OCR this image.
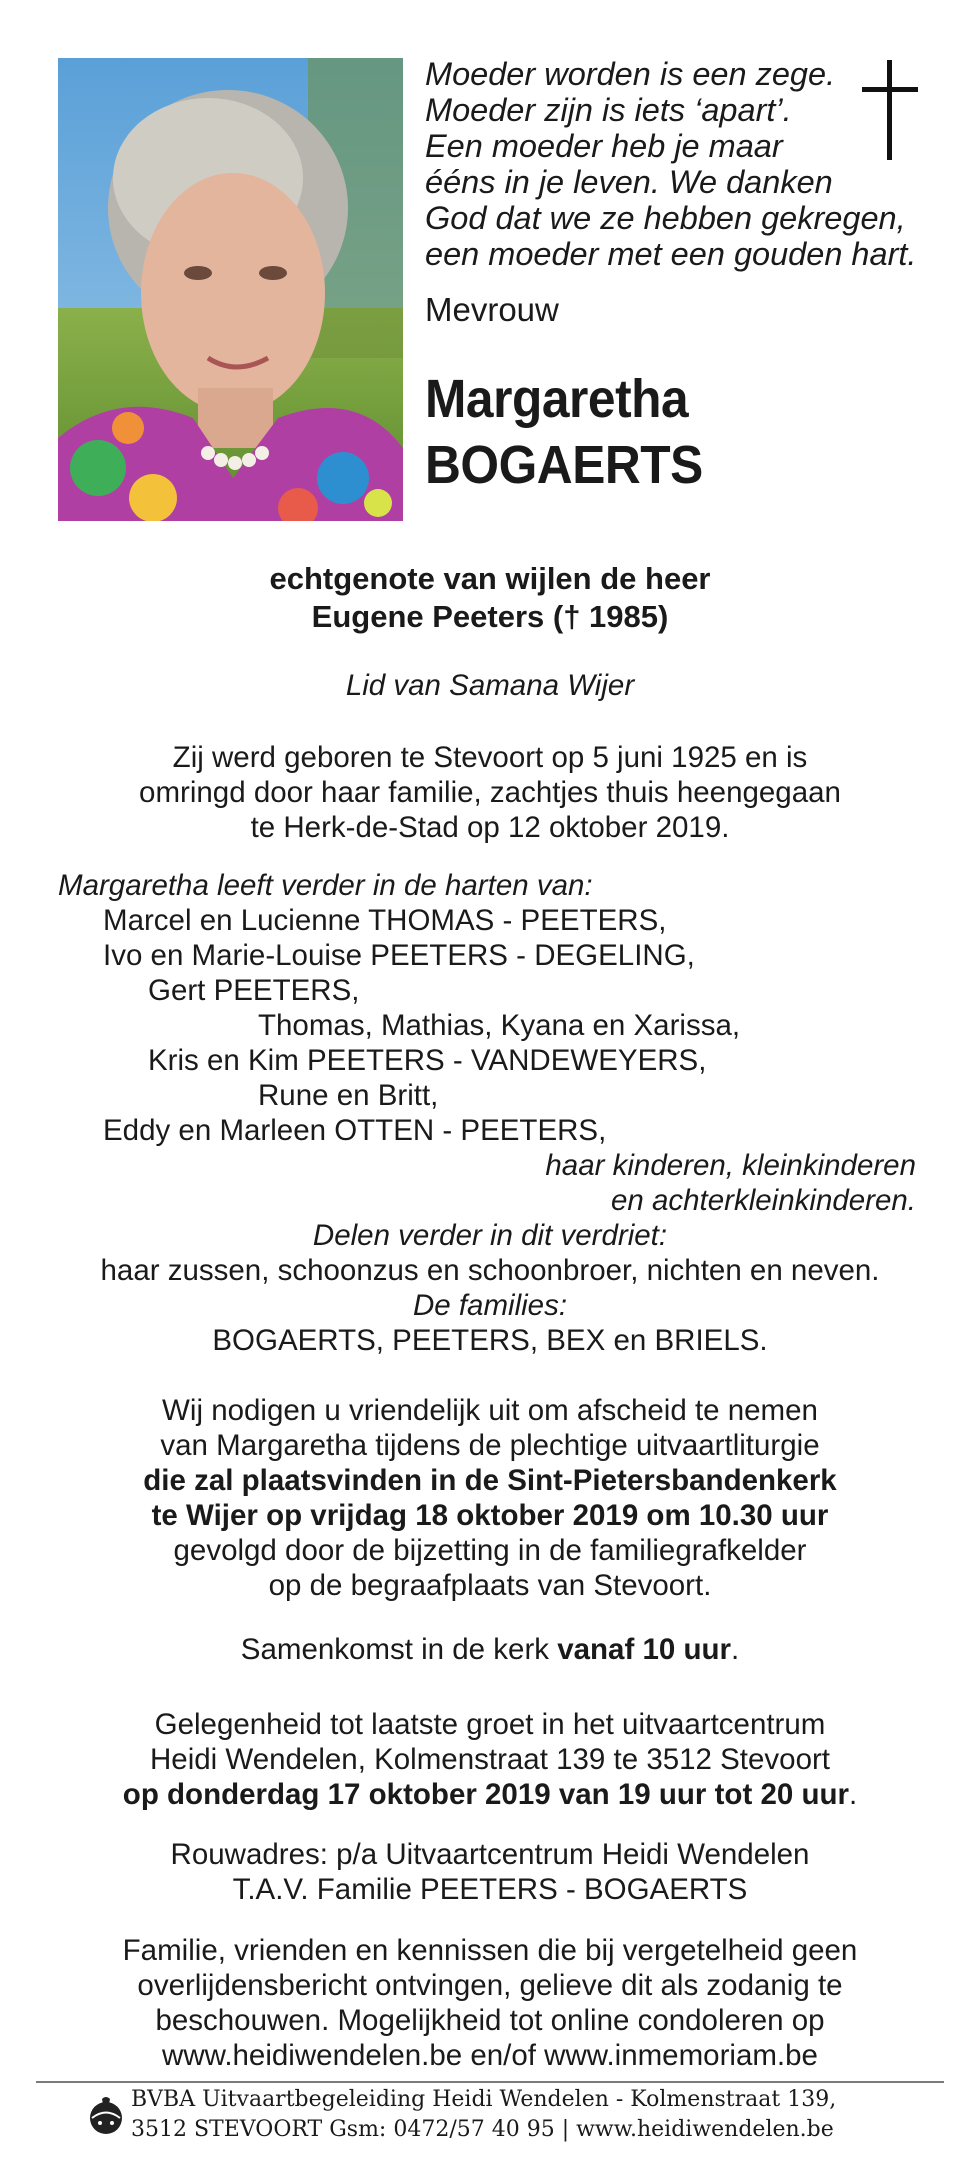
Moeder worden is een zege.
Moeder zijn is iets ‘apart’.
Een moeder heb je maar
ééns in je leven. We danken
God dat we ze hebben gekregen,
een moeder met een gouden hart.
Mevrouw
Margaretha
BOGAERTS
echtgenote van wijlen de heer
Eugene Peeters († 1985)
Lid van Samana Wijer
Zij werd geboren te Stevoort op 5 juni 1925 en is
omringd door haar familie, zachtjes thuis heengegaan
te Herk-de-Stad op 12 oktober 2019.
Margaretha leeft verder in de harten van:
Marcel en Lucienne THOMAS - PEETERS,
Ivo en Marie-Louise PEETERS - DEGELING,
Gert PEETERS,
Thomas, Mathias, Kyana en Xarissa,
Kris en Kim PEETERS - VANDEWEYERS,
Rune en Britt,
Eddy en Marleen OTTEN - PEETERS,
haar kinderen, kleinkinderen
en achterkleinkinderen.
Delen verder in dit verdriet:
haar zussen, schoonzus en schoonbroer, nichten en neven.
De families:
BOGAERTS, PEETERS, BEX en BRIELS.
Wij nodigen u vriendelijk uit om afscheid te nemen
van Margaretha tijdens de plechtige uitvaartliturgie
die zal plaatsvinden in de Sint-Pietersbandenkerk
te Wijer op vrijdag 18 oktober 2019 om 10.30 uur
gevolgd door de bijzetting in de familiegrafkelder
op de begraafplaats van Stevoort.
Samenkomst in de kerk vanaf 10 uur.
Gelegenheid tot laatste groet in het uitvaartcentrum
Heidi Wendelen, Kolmenstraat 139 te 3512 Stevoort
op donderdag 17 oktober 2019 van 19 uur tot 20 uur.
Rouwadres: p/a Uitvaartcentrum Heidi Wendelen
T.A.V. Familie PEETERS - BOGAERTS
Familie, vrienden en kennissen die bij vergetelheid geen
overlijdensbericht ontvingen, gelieve dit als zodanig te
beschouwen. Mogelijkheid tot online condoleren op
www.heidiwendelen.be en/of www.inmemoriam.be
BVBA Uitvaartbegeleiding Heidi Wendelen - Kolmenstraat 139,
3512 STEVOORT Gsm: 0472/57 40 95 | www.heidiwendelen.be
